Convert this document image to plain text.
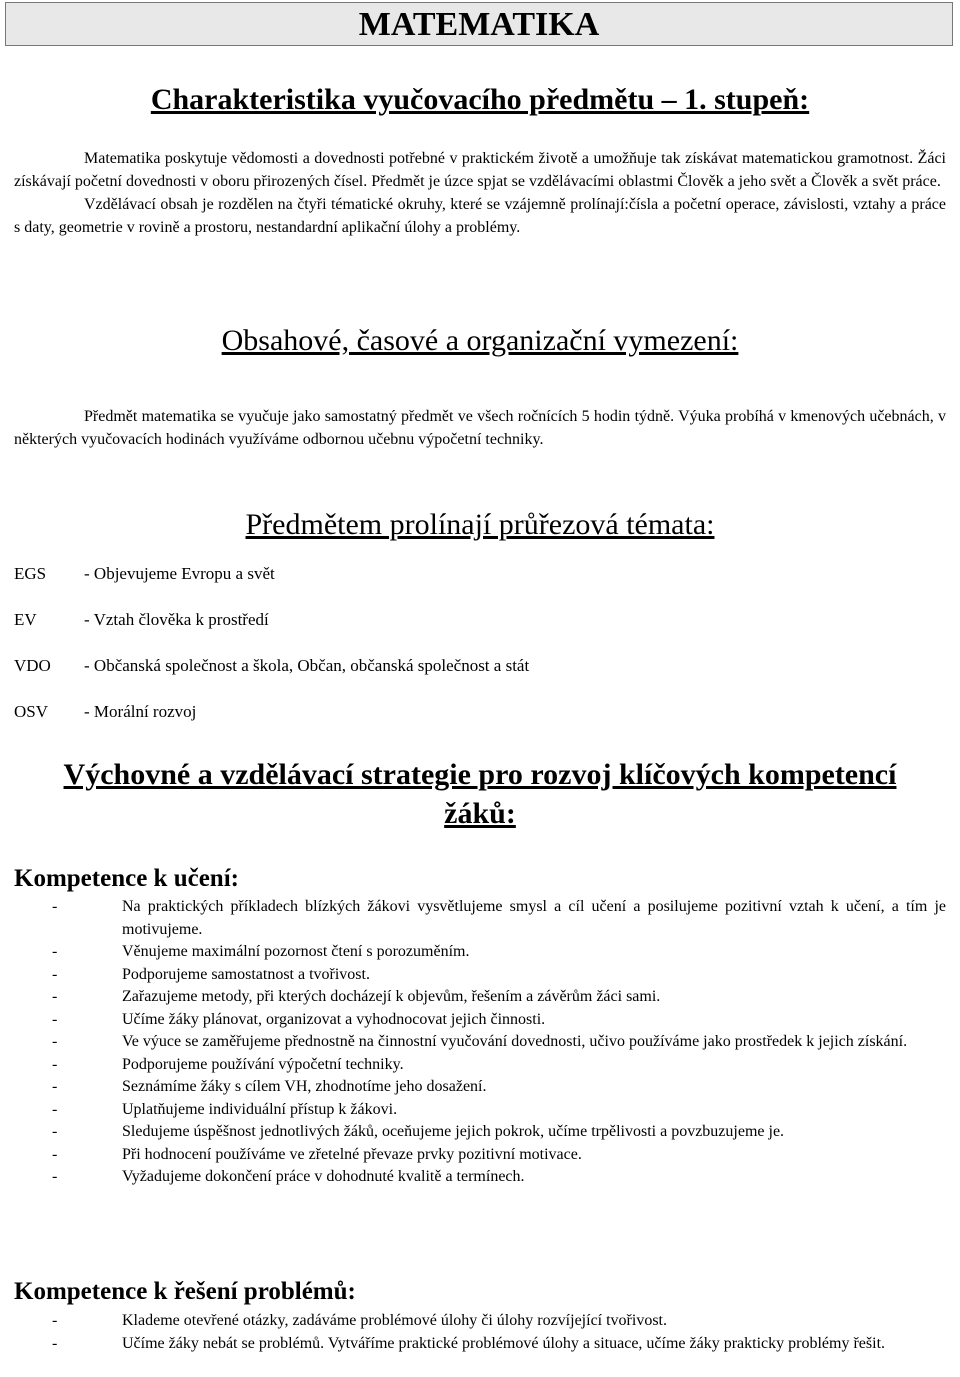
MATEMATIKA
Charakteristika vyučovacího předmětu – 1. stupeň:

Matematika poskytuje vědomosti a dovednosti potřebné v praktickém životě a umožňuje tak získávat matematickou gramotnost. Žáci získávají početní dovednosti v oboru přirozených čísel. Předmět je úzce spjat se vzdělávacími oblastmi Člověk a jeho svět a Člověk a svět práce.

Vzdělávací obsah je rozdělen na čtyři tématické okruhy, které se vzájemně prolínají:čísla a početní operace, závislosti, vztahy a práce s daty, geometrie v rovině a prostoru, nestandardní aplikační úlohy a problémy.

Obsahové, časové a organizační vymezení:

Předmět matematika se vyučuje jako samostatný předmět ve všech ročnících 5 hodin týdně. Výuka probíhá v kmenových učebnách, v některých vyučovacích hodinách využíváme odbornou učebnu výpočetní techniky.

Předmětem prolínají průřezová témata:
EGS	- Objevujeme Evropu a svět
EV	- Vztah člověka k prostředí
VDO	- Občanská společnost a škola, Občan, občanská společnost a stát
OSV	- Morální rozvoj
Výchovné a vzdělávací strategie pro rozvoj klíčových kompetencí
žáků:
Kompetence k učení:
-	Na praktických příkladech blízkých žákovi vysvětlujeme smysl a cíl učení a posilujeme pozitivní vztah k učení, a tím je motivujeme.
-	Věnujeme maximální pozornost čtení s porozuměním.
-	Podporujeme samostatnost a tvořivost.
-	Zařazujeme metody, při kterých docházejí k objevům, řešením a závěrům žáci sami.
-	Učíme žáky plánovat, organizovat a vyhodnocovat jejich činnosti.
-	Ve výuce se zaměřujeme přednostně na činnostní vyučování dovednosti, učivo používáme jako prostředek k jejich získání.
-	Podporujeme používání výpočetní techniky.
-	Seznámíme žáky s cílem VH, zhodnotíme jeho dosažení.
-	Uplatňujeme individuální přístup k žákovi.
-	Sledujeme úspěšnost jednotlivých žáků, oceňujeme jejich pokrok, učíme trpělivosti a povzbuzujeme je.
-	Při hodnocení používáme ve zřetelné převaze prvky pozitivní motivace.
-	Vyžadujeme dokončení práce v dohodnuté kvalitě a termínech.
Kompetence k řešení problémů:
-	Klademe otevřené otázky, zadáváme problémové úlohy či úlohy rozvíjející tvořivost.
-	Učíme žáky nebát se problémů. Vytváříme praktické problémové úlohy a situace, učíme žáky prakticky problémy řešit.
